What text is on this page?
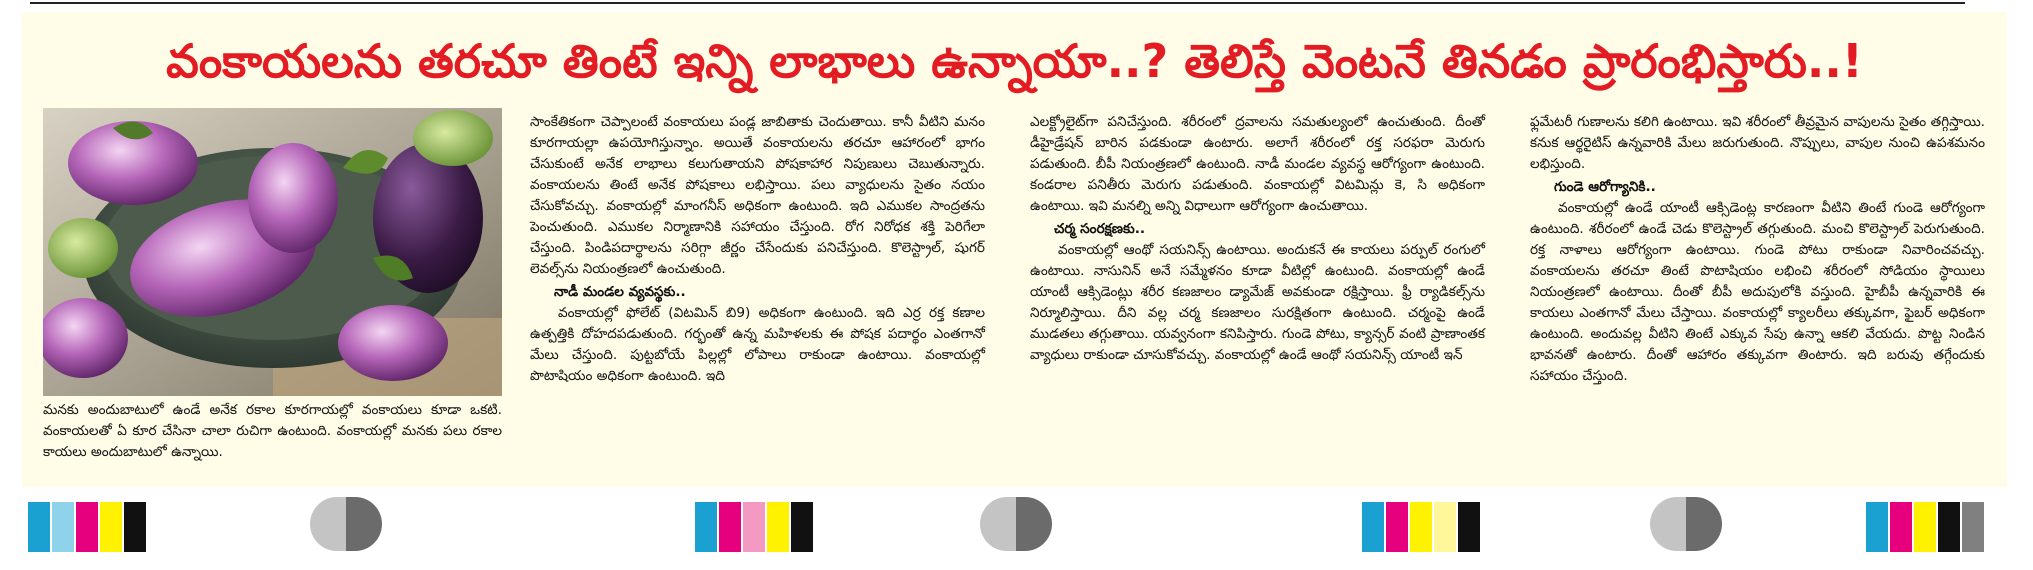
వంకాయలను తరచూ తింటే ఇన్ని లాభాలు ఉన్నాయా..? తెలిస్తే వెంటనే తినడం ప్రారంభిస్తారు..!
మనకు అందుబాటులో ఉండే అనేక రకాల కూరగాయల్లో వంకాయలు కూడా ఒకటి. వంకాయలతో ఏ కూర చేసినా చాలా రుచిగా ఉంటుంది. వంకాయల్లో మనకు పలు రకాల కాయలు అందుబాటులో ఉన్నాయి.

సాంకేతికంగా చెప్పాలంటే వంకాయలు పండ్ల జాబితాకు చెందుతాయి. కానీ వీటిని మనం కూరగాయల్లా ఉపయోగిస్తున్నాం. అయితే వంకాయలను తరచూ ఆహారంలో భాగం చేసుకుంటే అనేక లాభాలు కలుగుతాయని పోషకాహార నిపుణులు చెబుతున్నారు. వంకాయలను తింటే అనేక పోషకాలు లభిస్తాయి. పలు వ్యాధులను సైతం నయం చేసుకోవచ్చు. వంకాయల్లో మాంగనీస్ అధికంగా ఉంటుంది. ఇది ఎముకల సాంద్రతను పెంచుతుంది. ఎముకల నిర్మాణానికి సహాయం చేస్తుంది. రోగ నిరోధక శక్తి పెరిగేలా చేస్తుంది. పిండిపదార్థాలను సరిగ్గా జీర్ణం చేసేందుకు పనిచేస్తుంది. కొలెస్ట్రాల్, షుగర్ లెవల్స్‌ను నియంత్రణలో ఉంచుతుంది.

నాడీ మండల వ్యవస్థకు..

వంకాయల్లో ఫోలేట్ (విటమిన్ బి9) అధికంగా ఉంటుంది. ఇది ఎర్ర రక్త కణాల ఉత్పత్తికి దోహదపడుతుంది. గర్భంతో ఉన్న మహిళలకు ఈ పోషక పదార్థం ఎంతగానో మేలు చేస్తుంది. పుట్టబోయే పిల్లల్లో లోపాలు రాకుండా ఉంటాయి. వంకాయల్లో పొటాషియం అధికంగా ఉంటుంది. ఇది

ఎలక్ట్రోలైట్‌గా పనిచేస్తుంది. శరీరంలో ద్రవాలను సమతుల్యంలో ఉంచుతుంది. దీంతో డీహైడ్రేషన్ బారిన పడకుండా ఉంటారు. అలాగే శరీరంలో రక్త సరఫరా మెరుగు పడుతుంది. బీపీ నియంత్రణలో ఉంటుంది. నాడీ మండల వ్యవస్థ ఆరోగ్యంగా ఉంటుంది. కండరాల పనితీరు మెరుగు పడుతుంది. వంకాయల్లో విటమిన్లు కె, సి అధికంగా ఉంటాయి. ఇవి మనల్ని అన్ని విధాలుగా ఆరోగ్యంగా ఉంచుతాయి.

చర్మ సంరక్షణకు..

వంకాయల్లో ఆంథో సయనిన్స్ ఉంటాయి. అందుకనే ఈ కాయలు పర్పుల్ రంగులో ఉంటాయి. నాసునిన్ అనే సమ్మేళనం కూడా వీటిల్లో ఉంటుంది. వంకాయల్లో ఉండే యాంటీ ఆక్సిడెంట్లు శరీర కణజాలం డ్యామేజ్ అవకుండా రక్షిస్తాయి. ఫ్రీ ర్యాడికల్స్‌ను నిర్మూలిస్తాయి. దీని వల్ల చర్మ కణజాలం సురక్షితంగా ఉంటుంది. చర్మంపై ఉండే ముడతలు తగ్గుతాయి. యవ్వనంగా కనిపిస్తారు. గుండె పోటు, క్యాన్సర్ వంటి ప్రాణాంతక వ్యాధులు రాకుండా చూసుకోవచ్చు. వంకాయల్లో ఉండే ఆంథో సయనిన్స్ యాంటీ ఇన్

ఫ్లమేటరీ గుణాలను కలిగి ఉంటాయి. ఇవి శరీరంలో తీవ్రమైన వాపులను సైతం తగ్గిస్తాయి. కనుక ఆర్థరైటిస్ ఉన్నవారికి మేలు జరుగుతుంది. నొప్పులు, వాపుల నుంచి ఉపశమనం లభిస్తుంది.

గుండె ఆరోగ్యానికి..

వంకాయల్లో ఉండే యాంటీ ఆక్సిడెంట్ల కారణంగా వీటిని తింటే గుండె ఆరోగ్యంగా ఉంటుంది. శరీరంలో ఉండే చెడు కొలెస్ట్రాల్ తగ్గుతుంది. మంచి కొలెస్ట్రాల్ పెరుగుతుంది. రక్త నాళాలు ఆరోగ్యంగా ఉంటాయి. గుండె పోటు రాకుండా నివారించవచ్చు. వంకాయలను తరచూ తింటే పొటాషియం లభించి శరీరంలో సోడియం స్థాయిలు నియంత్రణలో ఉంటాయి. దీంతో బీపీ అదుపులోకి వస్తుంది. హైబీపీ ఉన్నవారికి ఈ కాయలు ఎంతగానో మేలు చేస్తాయి. వంకాయల్లో క్యాలరీలు తక్కువగా, ఫైబర్ అధికంగా ఉంటుంది. అందువల్ల వీటిని తింటే ఎక్కువ సేపు ఉన్నా ఆకలి వేయదు. పొట్ట నిండిన భావనతో ఉంటారు. దీంతో ఆహారం తక్కువగా తింటారు. ఇది బరువు తగ్గేందుకు సహాయం చేస్తుంది.
